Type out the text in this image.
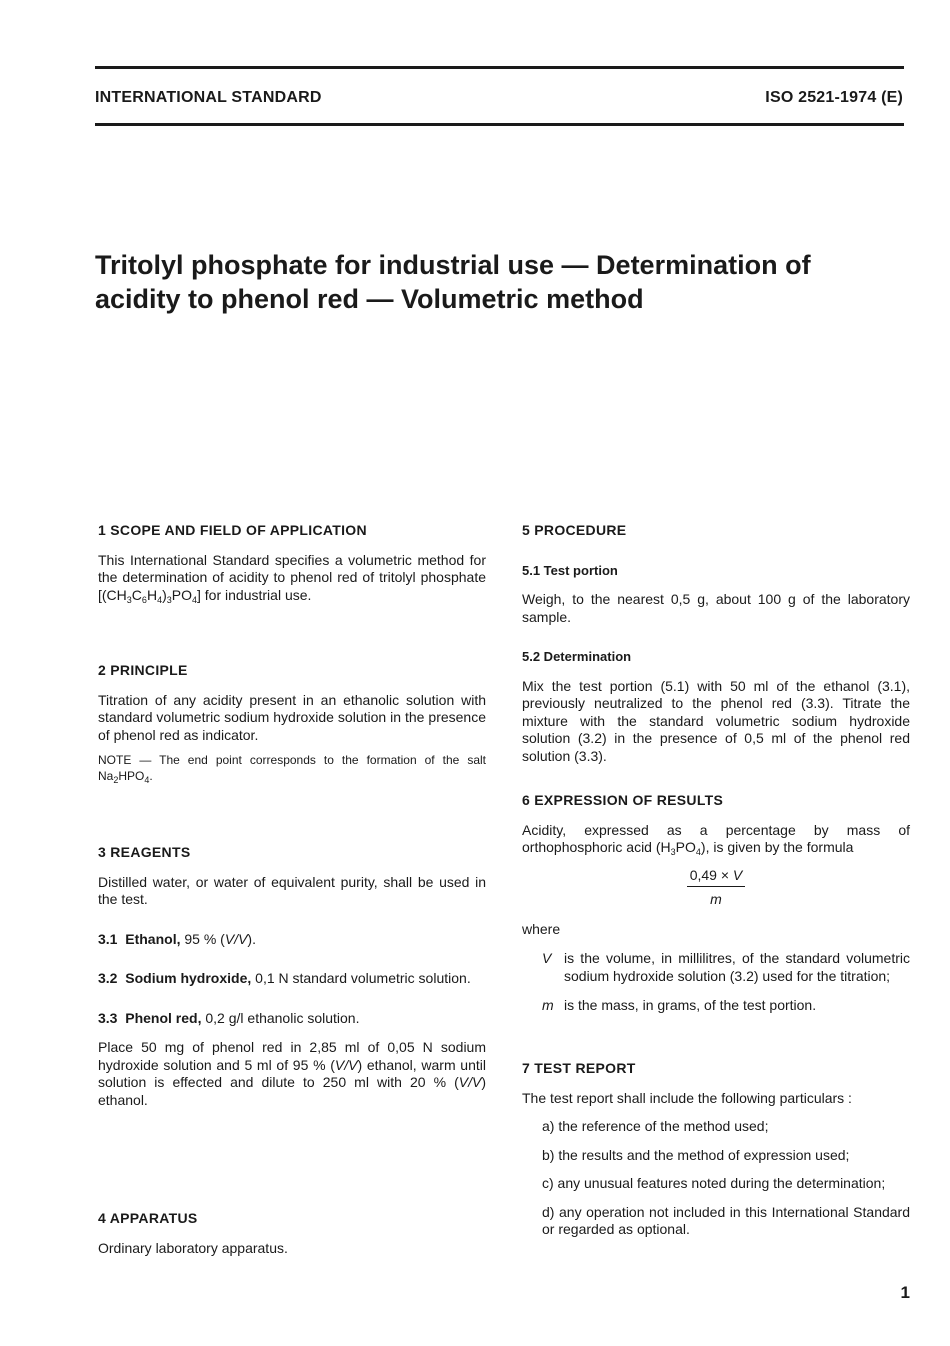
INTERNATIONAL STANDARD	ISO 2521-1974 (E)
Tritolyl phosphate for industrial use — Determination of
acidity to phenol red — Volumetric method
1 SCOPE AND FIELD OF APPLICATION

This International Standard specifies a volumetric method for the determination of acidity to phenol red of tritolyl phosphate $[(CH_3C_6H_4)_3PO_4]$ for industrial use.

2 PRINCIPLE

Titration of any acidity present in an ethanolic solution with standard volumetric sodium hydroxide solution in the presence of phenol red as indicator.

NOTE — The end point corresponds to the formation of the salt $Na_2HPO_4$.

3 REAGENTS

Distilled water, or water of equivalent purity, shall be used in the test.

3.1 Ethanol, 95 % (V/V).

3.2 Sodium hydroxide, 0,1 N standard volumetric solution.

3.3 Phenol red, 0,2 g/l ethanolic solution.

Place 50 mg of phenol red in 2,85 ml of 0,05 N sodium hydroxide solution and 5 ml of 95 % (V/V) ethanol, warm until solution is effected and dilute to 250 ml with 20 % (V/V) ethanol.

4 APPARATUS

Ordinary laboratory apparatus.

5 PROCEDURE
5.1 Test portion

Weigh, to the nearest 0,5 g, about 100 g of the laboratory sample.

5.2 Determination

Mix the test portion (5.1) with 50 ml of the ethanol (3.1), previously neutralized to the phenol red (3.3). Titrate the mixture with the standard volumetric sodium hydroxide solution (3.2) in the presence of 0,5 ml of the phenol red solution (3.3).

6 EXPRESSION OF RESULTS

Acidity, expressed as a percentage by mass of orthophosphoric acid $(H_3PO_4)$, is given by the formula

$\frac{0,49 \times V}{m}$

where

V is the volume, in millilitres, of the standard volumetric sodium hydroxide solution (3.2) used for the titration;
m is the mass, in grams, of the test portion.
7 TEST REPORT

The test report shall include the following particulars :

a) the reference of the method used;

b) the results and the method of expression used;

c) any unusual features noted during the determination;

d) any operation not included in this International Standard or regarded as optional.

1
